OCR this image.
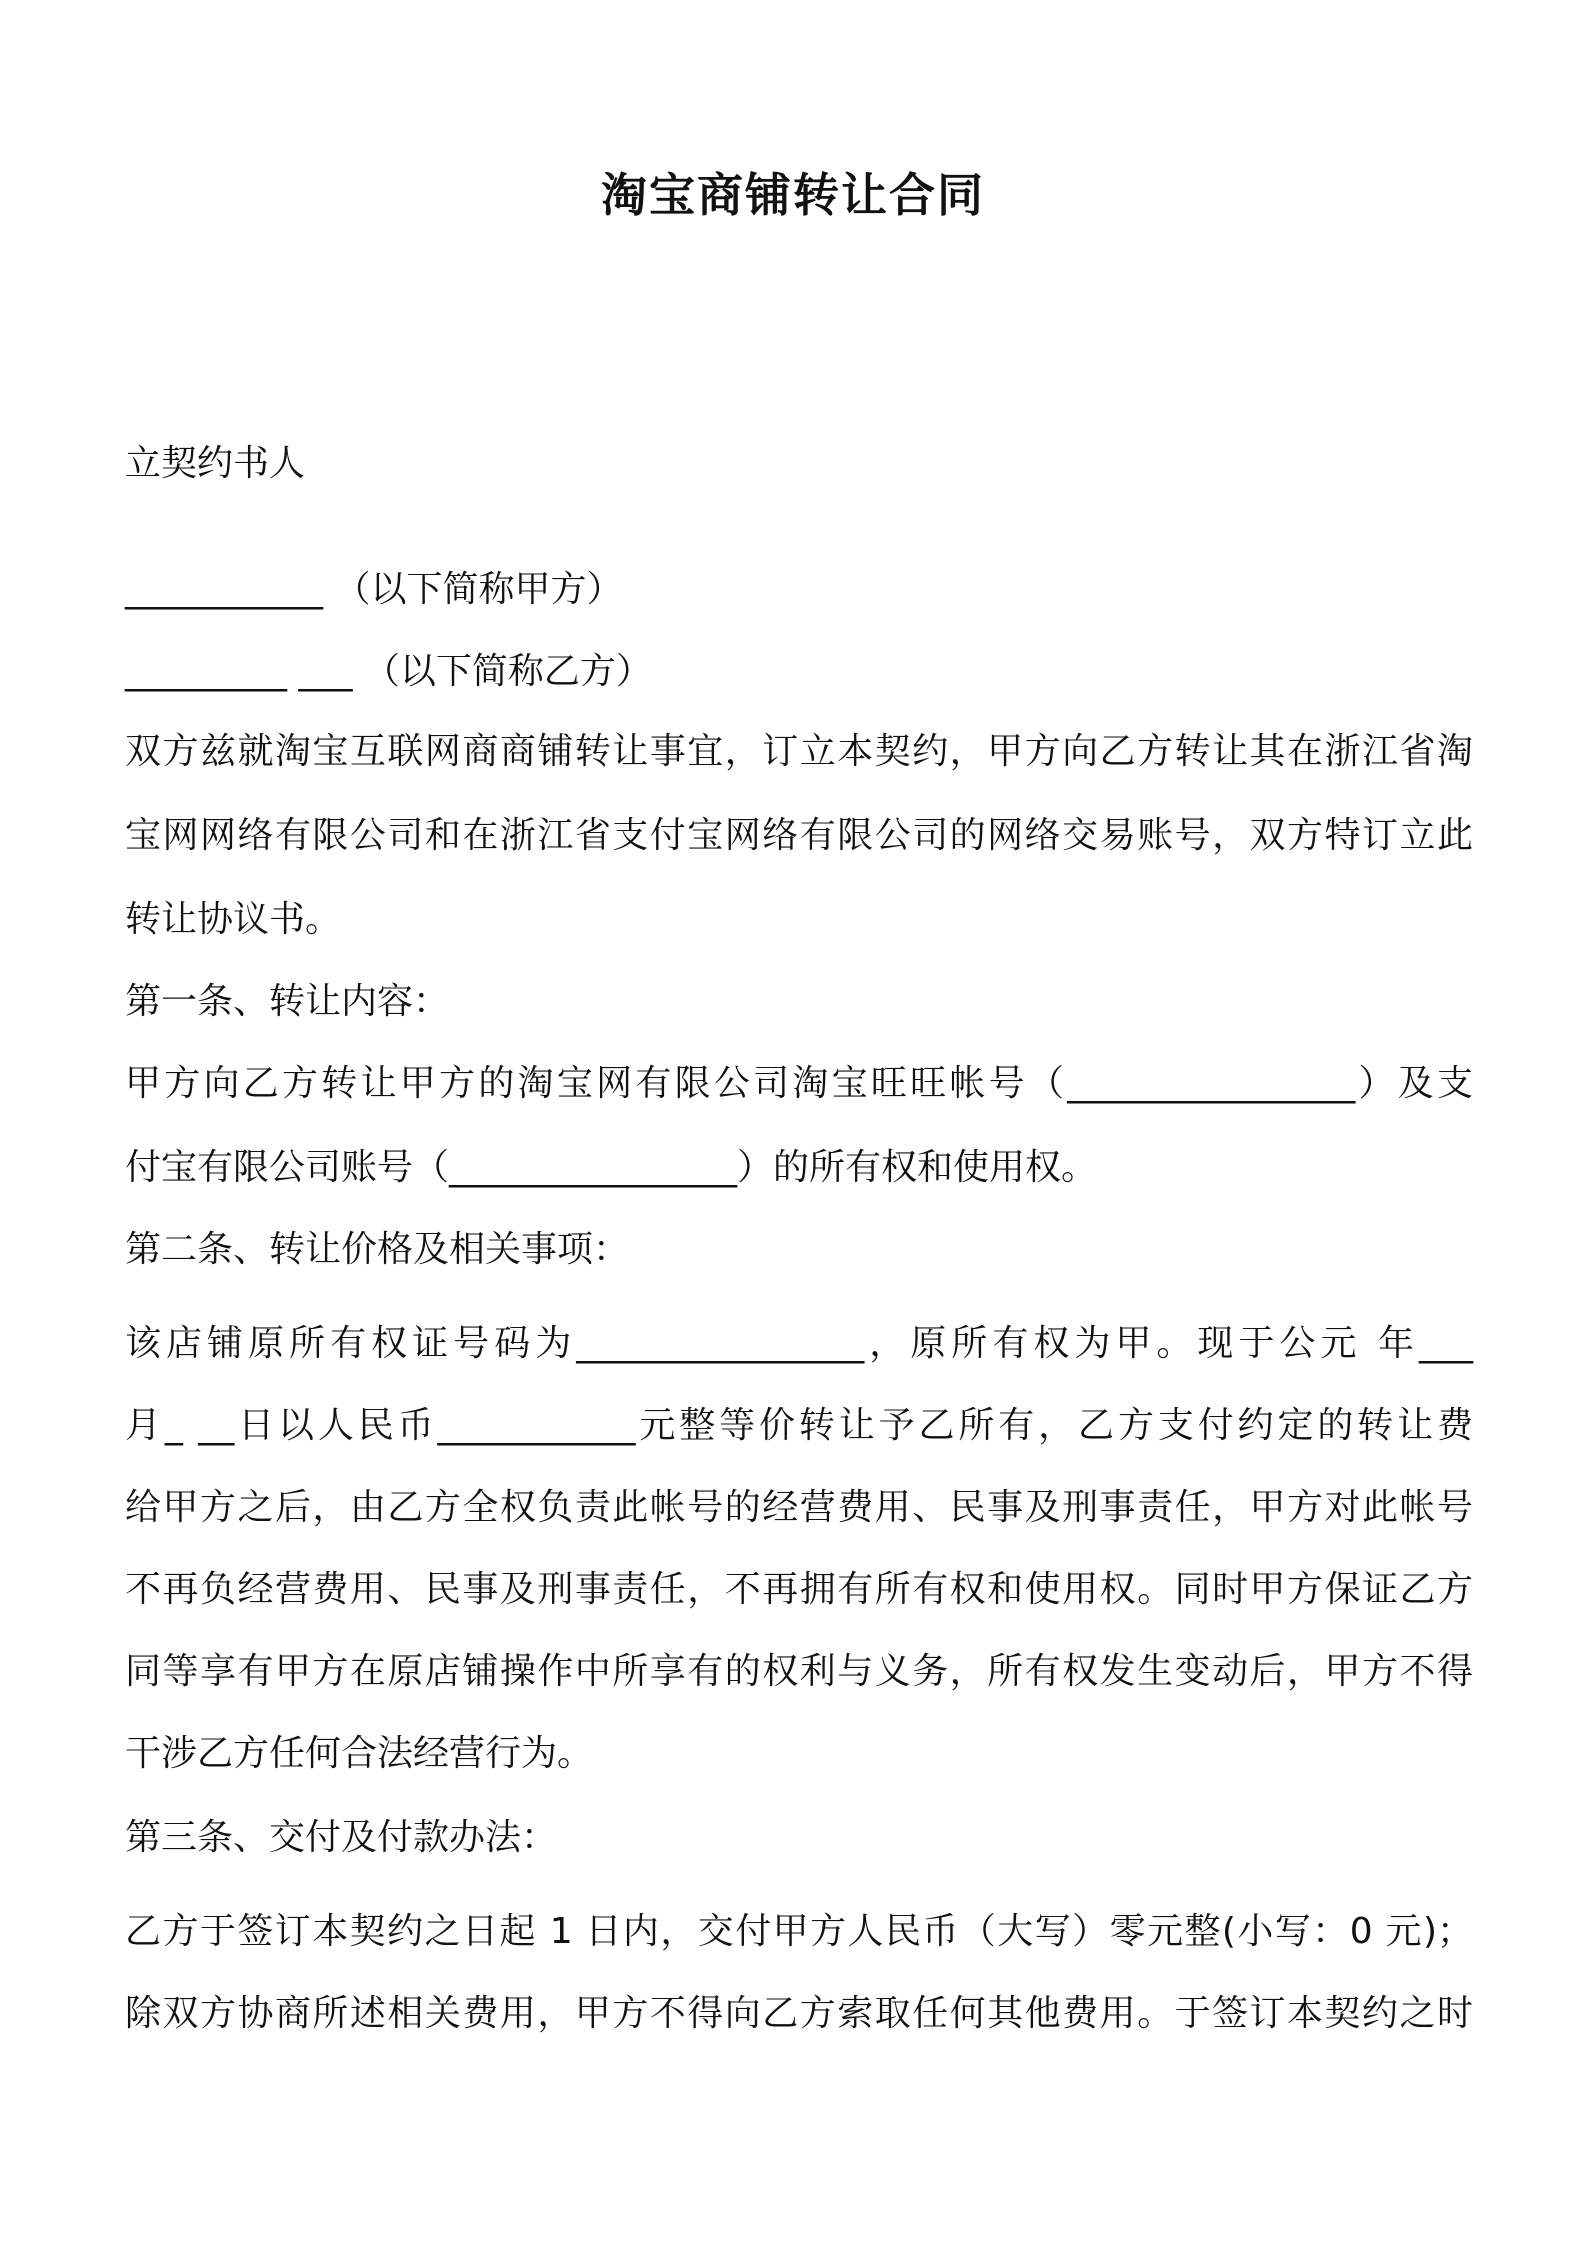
淘宝商铺转让合同
立契约书人
___________ （以下简称甲方）
_________ ___ （以下简称乙方）
双方兹就淘宝互联网商商铺转让事宜，订立本契约，甲方向乙方转让其在浙江省淘
宝网网络有限公司和在浙江省支付宝网络有限公司的网络交易账号，双方特订立此
转让协议书。
第一条、转让内容：
甲方向乙方转让甲方的淘宝网有限公司淘宝旺旺帐号（________________）及支
付宝有限公司账号（________________）的所有权和使用权。
第二条、转让价格及相关事项：
该店铺原所有权证号码为________________，原所有权为甲。现于公元 年___
月_ __日以人民币___________元整等价转让予乙所有，乙方支付约定的转让费
给甲方之后，由乙方全权负责此帐号的经营费用、民事及刑事责任，甲方对此帐号
不再负经营费用、民事及刑事责任，不再拥有所有权和使用权。同时甲方保证乙方
同等享有甲方在原店铺操作中所享有的权利与义务，所有权发生变动后，甲方不得
干涉乙方任何合法经营行为。
第三条、交付及付款办法：
乙方于签订本契约之日起 1 日内，交付甲方人民币（大写）零元整(小写：0 元)；
除双方协商所述相关费用，甲方不得向乙方索取任何其他费用。于签订本契约之时
